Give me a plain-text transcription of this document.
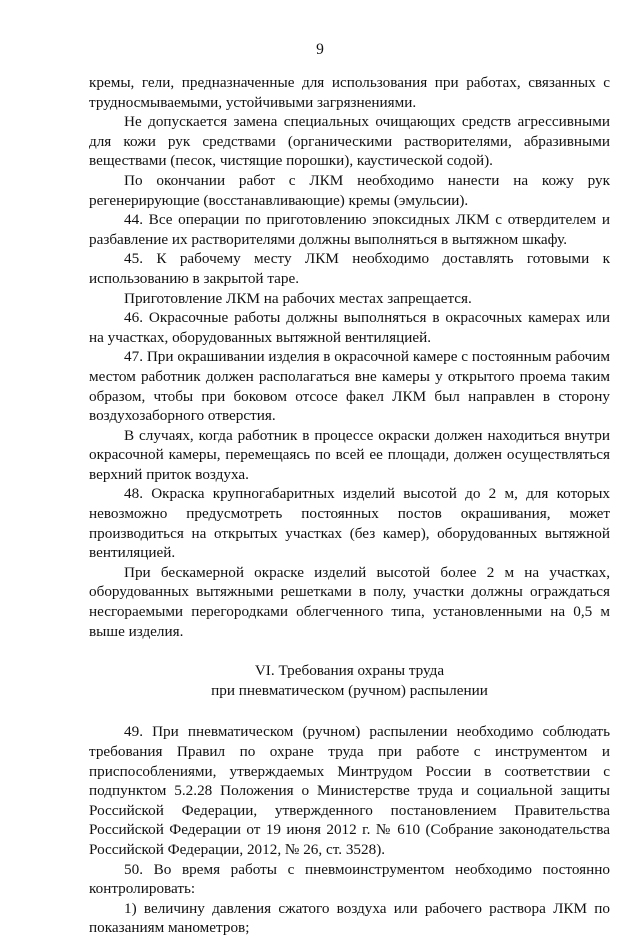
9

кремы, гели, предназначенные для использования при работах, связанных с трудносмываемыми, устойчивыми загрязнениями.

Не допускается замена специальных очищающих средств агрессивными для кожи рук средствами (органическими растворителями, абразивными веществами (песок, чистящие порошки), каустической содой).

По окончании работ с ЛКМ необходимо нанести на кожу рук регенерирующие (восстанавливающие) кремы (эмульсии).

44. Все операции по приготовлению эпоксидных ЛКМ с отвердителем и разбавление их растворителями должны выполняться в вытяжном шкафу.

45. К рабочему месту ЛКМ необходимо доставлять готовыми к использованию в закрытой таре.

Приготовление ЛКМ на рабочих местах запрещается.

46. Окрасочные работы должны выполняться в окрасочных камерах или на участках, оборудованных вытяжной вентиляцией.

47. При окрашивании изделия в окрасочной камере с постоянным рабочим местом работник должен располагаться вне камеры у открытого проема таким образом, чтобы при боковом отсосе факел ЛКМ был направлен в сторону воздухозаборного отверстия.

В случаях, когда работник в процессе окраски должен находиться внутри окрасочной камеры, перемещаясь по всей ее площади, должен осуществляться верхний приток воздуха.

48. Окраска крупногабаритных изделий высотой до 2 м, для которых невозможно предусмотреть постоянных постов окрашивания, может производиться на открытых участках (без камер), оборудованных вытяжной вентиляцией.

При бескамерной окраске изделий высотой более 2 м на участках, оборудованных вытяжными решетками в полу, участки должны ограждаться несгораемыми перегородками облегченного типа, установленными на 0,5 м выше изделия.

VI. Требования охраны труда
при пневматическом (ручном) распылении

49. При пневматическом (ручном) распылении необходимо соблюдать требования Правил по охране труда при работе с инструментом и приспособлениями, утверждаемых Минтрудом России в соответствии с подпунктом 5.2.28 Положения о Министерстве труда и социальной защиты Российской Федерации, утвержденного постановлением Правительства Российской Федерации от 19 июня 2012 г. № 610 (Собрание законодательства Российской Федерации, 2012, № 26, ст. 3528).

50. Во время работы с пневмоинструментом необходимо постоянно контролировать:

1) величину давления сжатого воздуха или рабочего раствора ЛКМ по показаниям манометров;
